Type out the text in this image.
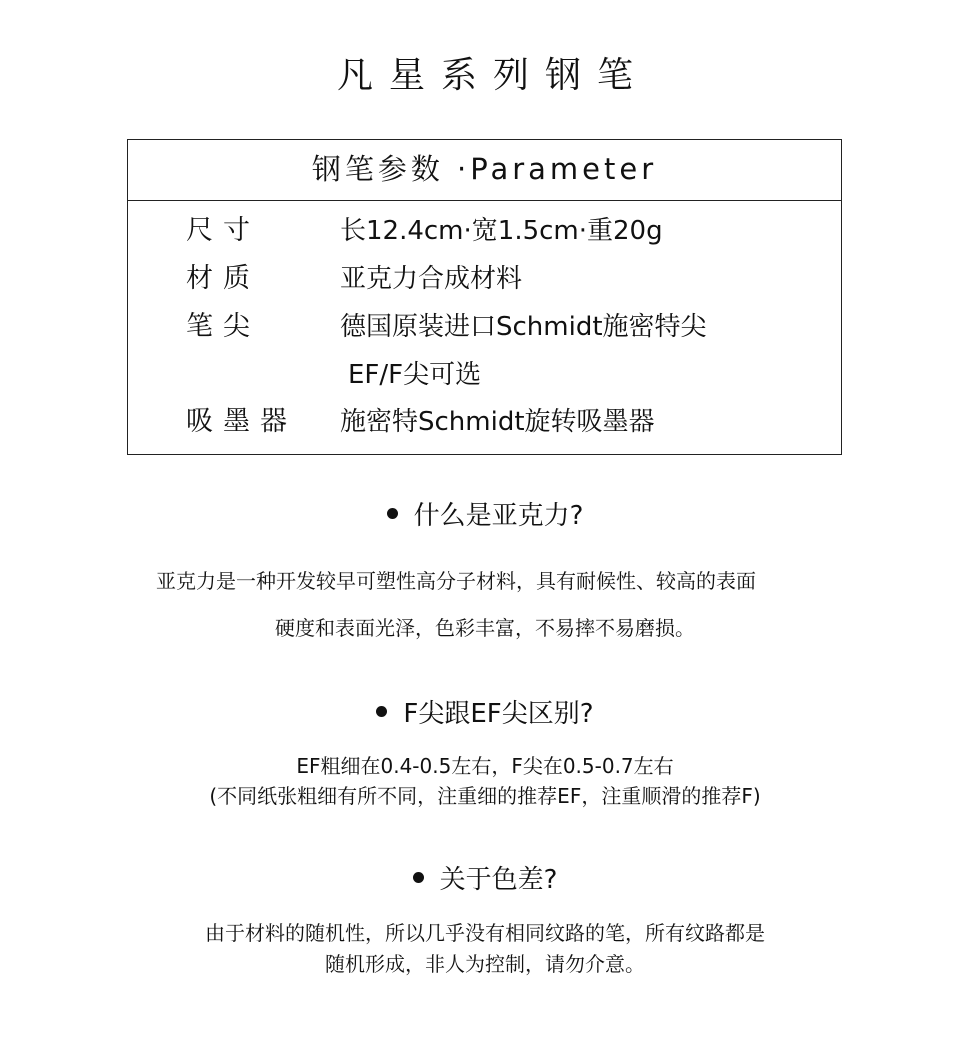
凡星系列钢笔
钢笔参数 ·Parameter
尺寸	长12.4cm·宽1.5cm·重20g
材质	亚克力合成材料
笔尖	德国原装进口Schmidt施密特尖
EF/F尖可选
吸墨器 施密特Schmidt旋转吸墨器
什么是亚克力?
亚克力是一种开发较早可塑性高分子材料，具有耐候性、较高的表面
硬度和表面光泽，色彩丰富，不易摔不易磨损。
F尖跟EF尖区别?
EF粗细在0.4-0.5左右，F尖在0.5-0.7左右
(不同纸张粗细有所不同，注重细的推荐EF，注重顺滑的推荐F)
关于色差?
由于材料的随机性，所以几乎没有相同纹路的笔，所有纹路都是
随机形成，非人为控制，请勿介意。
